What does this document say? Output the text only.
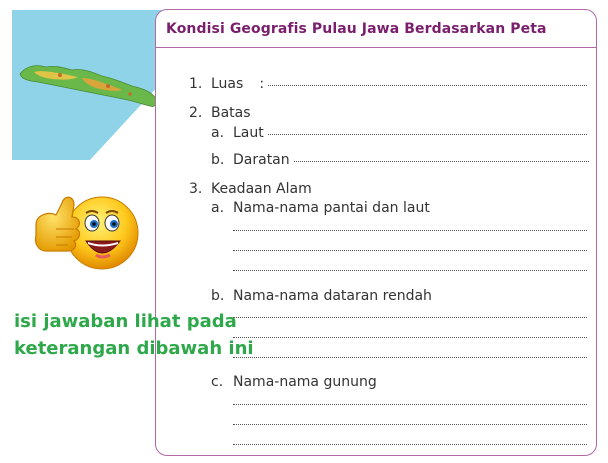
Kondisi Geografis Pulau Jawa Berdasarkan Peta
1. Luas :
2. Batas
a. Laut
b. Daratan
3. Keadaan Alam
a. Nama-nama pantai dan laut
b. Nama-nama dataran rendah
c. Nama-nama gunung
isi jawaban lihat pada
keterangan dibawah ini
